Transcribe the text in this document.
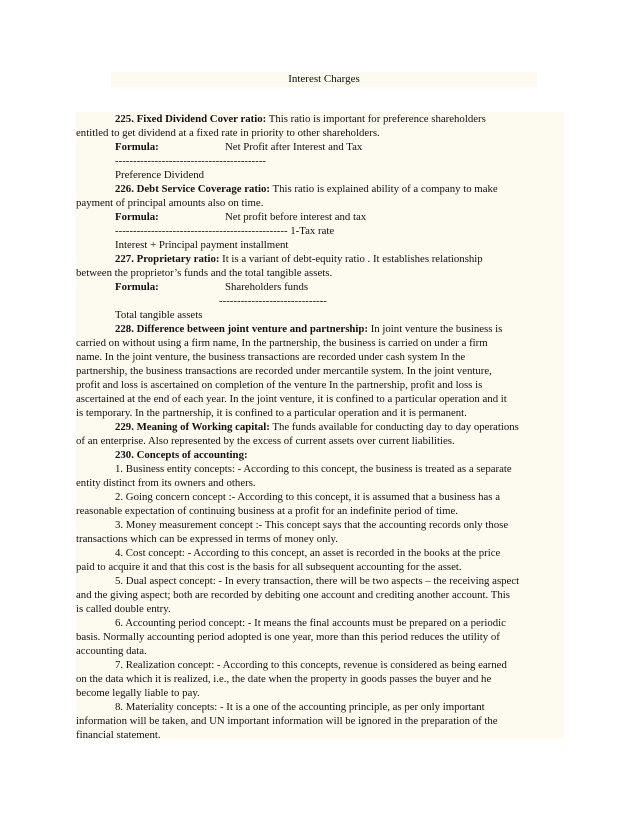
Interest Charges
225. Fixed Dividend Cover ratio: This ratio is important for preference shareholders
entitled to get dividend at a fixed rate in priority to other shareholders.
Formula:	Net Profit after Interest and Tax
------------------------------------------
Preference Dividend
226. Debt Service Coverage ratio: This ratio is explained ability of a company to make
payment of principal amounts also on time.
Formula:	Net profit before interest and tax
------------------------------------------------ 1-Tax rate
Interest + Principal payment installment
227. Proprietary ratio: It is a variant of debt-equity ratio . It establishes relationship
between the proprietor’s funds and the total tangible assets.
Formula:	Shareholders funds
------------------------------
Total tangible assets
228. Difference between joint venture and partnership: In joint venture the business is
carried on without using a firm name, In the partnership, the business is carried on under a firm
name. In the joint venture, the business transactions are recorded under cash system In the
partnership, the business transactions are recorded under mercantile system. In the joint venture,
profit and loss is ascertained on completion of the venture In the partnership, profit and loss is
ascertained at the end of each year. In the joint venture, it is confined to a particular operation and it
is temporary. In the partnership, it is confined to a particular operation and it is permanent.
229. Meaning of Working capital: The funds available for conducting day to day operations
of an enterprise. Also represented by the excess of current assets over current liabilities.
230. Concepts of accounting:
1. Business entity concepts: - According to this concept, the business is treated as a separate
entity distinct from its owners and others.
2. Going concern concept :- According to this concept, it is assumed that a business has a
reasonable expectation of continuing business at a profit for an indefinite period of time.
3. Money measurement concept :- This concept says that the accounting records only those
transactions which can be expressed in terms of money only.
4. Cost concept: - According to this concept, an asset is recorded in the books at the price
paid to acquire it and that this cost is the basis for all subsequent accounting for the asset.
5. Dual aspect concept: - In every transaction, there will be two aspects – the receiving aspect
and the giving aspect; both are recorded by debiting one account and crediting another account. This
is called double entry.
6. Accounting period concept: - It means the final accounts must be prepared on a periodic
basis. Normally accounting period adopted is one year, more than this period reduces the utility of
accounting data.
7. Realization concept: - According to this concepts, revenue is considered as being earned
on the data which it is realized, i.e., the date when the property in goods passes the buyer and he
become legally liable to pay.
8. Materiality concepts: - It is a one of the accounting principle, as per only important
information will be taken, and UN important information will be ignored in the preparation of the
financial statement.
